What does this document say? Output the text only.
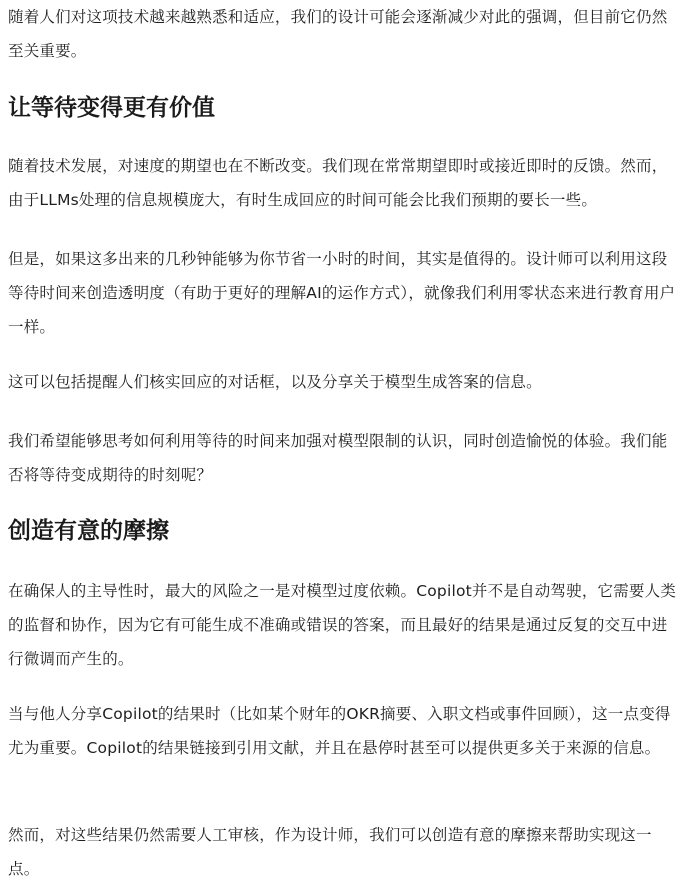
随着人们对这项技术越来越熟悉和适应，我们的设计可能会逐渐减少对此的强调，但目前它仍然至关重要。

让等待变得更有价值

随着技术发展，对速度的期望也在不断改变。我们现在常常期望即时或接近即时的反馈。然而，由于LLMs处理的信息规模庞大，有时生成回应的时间可能会比我们预期的要长一些。

但是，如果这多出来的几秒钟能够为你节省一小时的时间，其实是值得的。设计师可以利用这段等待时间来创造透明度（有助于更好的理解AI的运作方式），就像我们利用零状态来进行教育用户一样。

这可以包括提醒人们核实回应的对话框，以及分享关于模型生成答案的信息。

我们希望能够思考如何利用等待的时间来加强对模型限制的认识，同时创造愉悦的体验。我们能否将等待变成期待的时刻呢？

创造有意的摩擦

在确保人的主导性时，最大的风险之一是对模型过度依赖。Copilot并不是自动驾驶，它需要人类的监督和协作，因为它有可能生成不准确或错误的答案，而且最好的结果是通过反复的交互中进行微调而产生的。

当与他人分享Copilot的结果时（比如某个财年的OKR摘要、入职文档或事件回顾），这一点变得尤为重要。Copilot的结果链接到引用文献，并且在悬停时甚至可以提供更多关于来源的信息。

然而，对这些结果仍然需要人工审核，作为设计师，我们可以创造有意的摩擦来帮助实现这一点。
